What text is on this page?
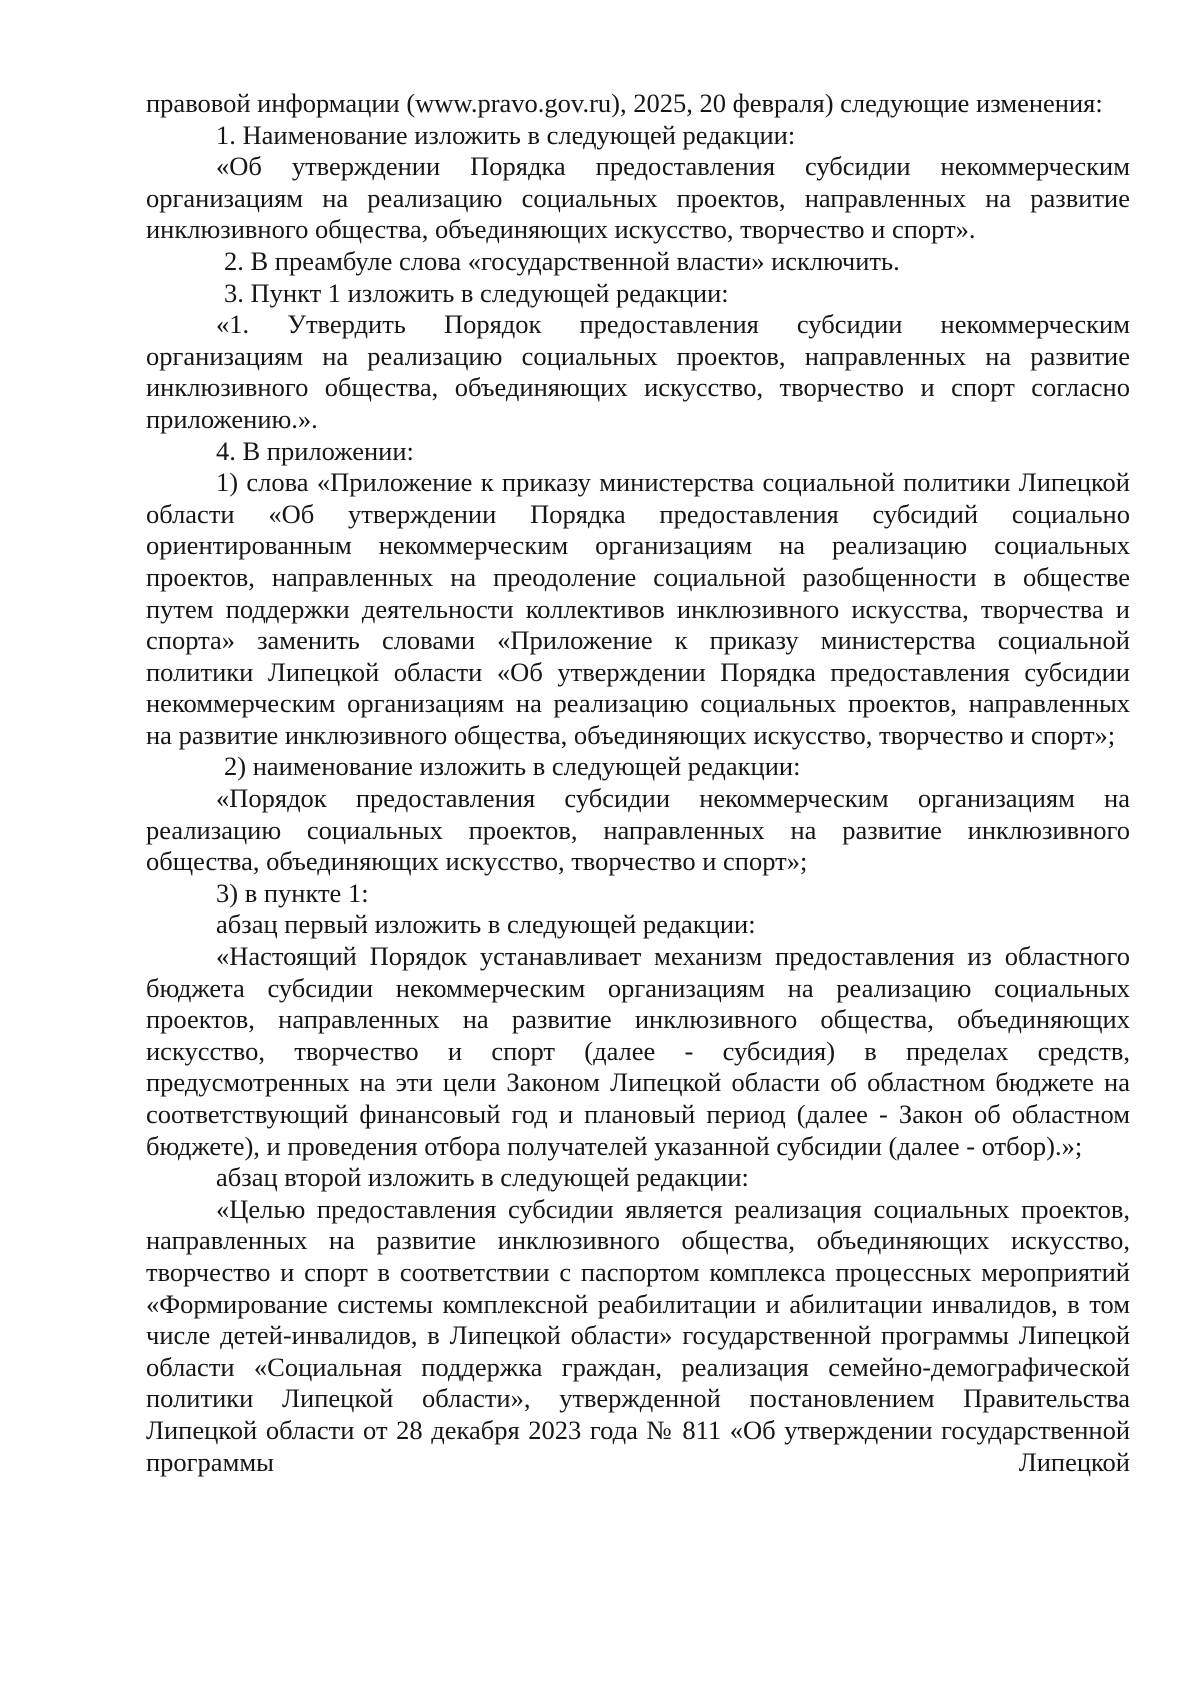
правовой информации (www.pravo.gov.ru), 2025, 20 февраля) следующие изменения:

1. Наименование изложить в следующей редакции:

«Об утверждении Порядка предоставления субсидии некоммерческим организациям на реализацию социальных проектов, направленных на развитие инклюзивного общества, объединяющих искусство, творчество и спорт».

2. В преамбуле слова «государственной власти» исключить.

3. Пункт 1 изложить в следующей редакции:

«1. Утвердить Порядок предоставления субсидии некоммерческим организациям на реализацию социальных проектов, направленных на развитие инклюзивного общества, объединяющих искусство, творчество и спорт согласно приложению.».

4. В приложении:

1) слова «Приложение к приказу министерства социальной политики Липецкой области «Об утверждении Порядка предоставления субсидий социально ориентированным некоммерческим организациям на реализацию социальных проектов, направленных на преодоление социальной разобщенности в обществе путем поддержки деятельности коллективов инклюзивного искусства, творчества и спорта» заменить словами «Приложение к приказу министерства социальной политики Липецкой области «Об утверждении Порядка предоставления субсидии некоммерческим организациям на реализацию социальных проектов, направленных на развитие инклюзивного общества, объединяющих искусство, творчество и спорт»;

2) наименование изложить в следующей редакции:

«Порядок предоставления субсидии некоммерческим организациям на реализацию социальных проектов, направленных на развитие инклюзивного общества, объединяющих искусство, творчество и спорт»;

3) в пункте 1:

абзац первый изложить в следующей редакции:

«Настоящий Порядок устанавливает механизм предоставления из областного бюджета субсидии некоммерческим организациям на реализацию социальных проектов, направленных на развитие инклюзивного общества, объединяющих искусство, творчество и спорт (далее - субсидия) в пределах средств, предусмотренных на эти цели Законом Липецкой области об областном бюджете на соответствующий финансовый год и плановый период (далее - Закон об областном бюджете), и проведения отбора получателей указанной субсидии (далее - отбор).»;

абзац второй изложить в следующей редакции:

«Целью предоставления субсидии является реализация социальных проектов, направленных на развитие инклюзивного общества, объединяющих искусство, творчество и спорт в соответствии с паспортом комплекса процессных мероприятий «Формирование системы комплексной реабилитации и абилитации инвалидов, в том числе детей-инвалидов, в Липецкой области» государственной программы Липецкой области «Социальная поддержка граждан, реализация семейно-демографической политики Липецкой области», утвержденной постановлением Правительства Липецкой области от 28 декабря 2023 года № 811 «Об утверждении государственной программы Липецкой
